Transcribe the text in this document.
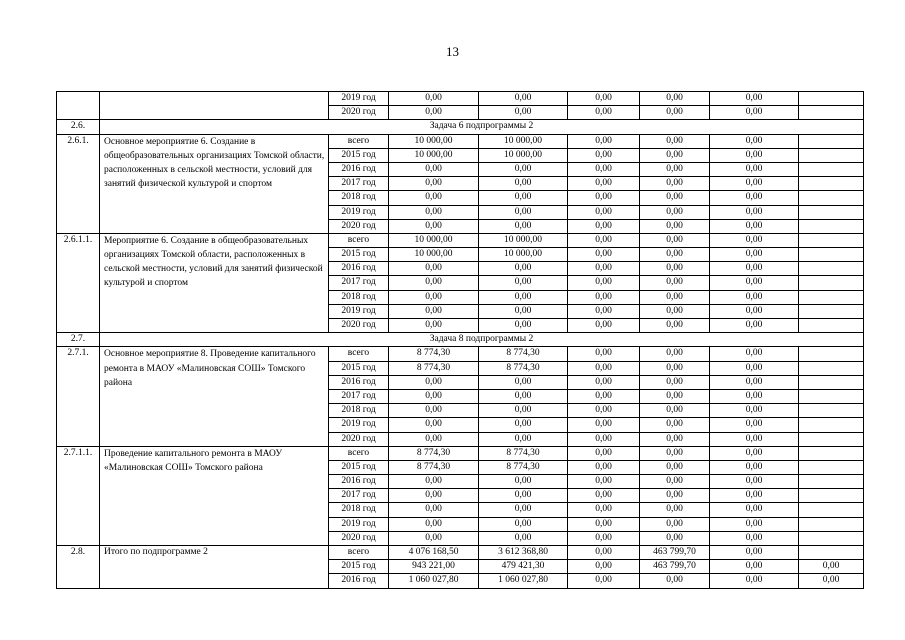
13
		2019 год	0,00	0,00	0,00	0,00	0,00	
		2020 год	0,00	0,00	0,00	0,00	0,00	
2.6.	Задача 6 подпрограммы 2							
2.6.1.	Основное мероприятие 6. Создание в общеобразовательных организациях Томской области, расположенных в сельской местности, условий для занятий физической культурой и спортом	всего	10 000,00	10 000,00	0,00	0,00	0,00	
		2015 год	10 000,00	10 000,00	0,00	0,00	0,00	
		2016 год	0,00	0,00	0,00	0,00	0,00	
		2017 год	0,00	0,00	0,00	0,00	0,00	
		2018 год	0,00	0,00	0,00	0,00	0,00	
		2019 год	0,00	0,00	0,00	0,00	0,00	
		2020 год	0,00	0,00	0,00	0,00	0,00	
2.6.1.1.	Мероприятие 6. Создание в общеобразовательных организациях Томской области, расположенных в сельской местности, условий для занятий физической культурой и спортом	всего	10 000,00	10 000,00	0,00	0,00	0,00	
		2015 год	10 000,00	10 000,00	0,00	0,00	0,00	
		2016 год	0,00	0,00	0,00	0,00	0,00	
		2017 год	0,00	0,00	0,00	0,00	0,00	
		2018 год	0,00	0,00	0,00	0,00	0,00	
		2019 год	0,00	0,00	0,00	0,00	0,00	
		2020 год	0,00	0,00	0,00	0,00	0,00	
2.7.	Задача 8 подпрограммы 2							
2.7.1.	Основное мероприятие 8. Проведение капитального ремонта в МАОУ «Малиновская СОШ» Томского района	всего	8 774,30	8 774,30	0,00	0,00	0,00	
		2015 год	8 774,30	8 774,30	0,00	0,00	0,00	
		2016 год	0,00	0,00	0,00	0,00	0,00	
		2017 год	0,00	0,00	0,00	0,00	0,00	
		2018 год	0,00	0,00	0,00	0,00	0,00	
		2019 год	0,00	0,00	0,00	0,00	0,00	
		2020 год	0,00	0,00	0,00	0,00	0,00	
2.7.1.1.	Проведение капитального ремонта в МАОУ «Малиновская СОШ» Томского района	всего	8 774,30	8 774,30	0,00	0,00	0,00	
		2015 год	8 774,30	8 774,30	0,00	0,00	0,00	
		2016 год	0,00	0,00	0,00	0,00	0,00	
		2017 год	0,00	0,00	0,00	0,00	0,00	
		2018 год	0,00	0,00	0,00	0,00	0,00	
		2019 год	0,00	0,00	0,00	0,00	0,00	
		2020 год	0,00	0,00	0,00	0,00	0,00	
2.8.	Итого по подпрограмме 2	всего	4 076 168,50	3 612 368,80	0,00	463 799,70	0,00	
		2015 год	943 221,00	479 421,30	0,00	463 799,70	0,00	0,00
		2016 год	1 060 027,80	1 060 027,80	0,00	0,00	0,00	0,00
